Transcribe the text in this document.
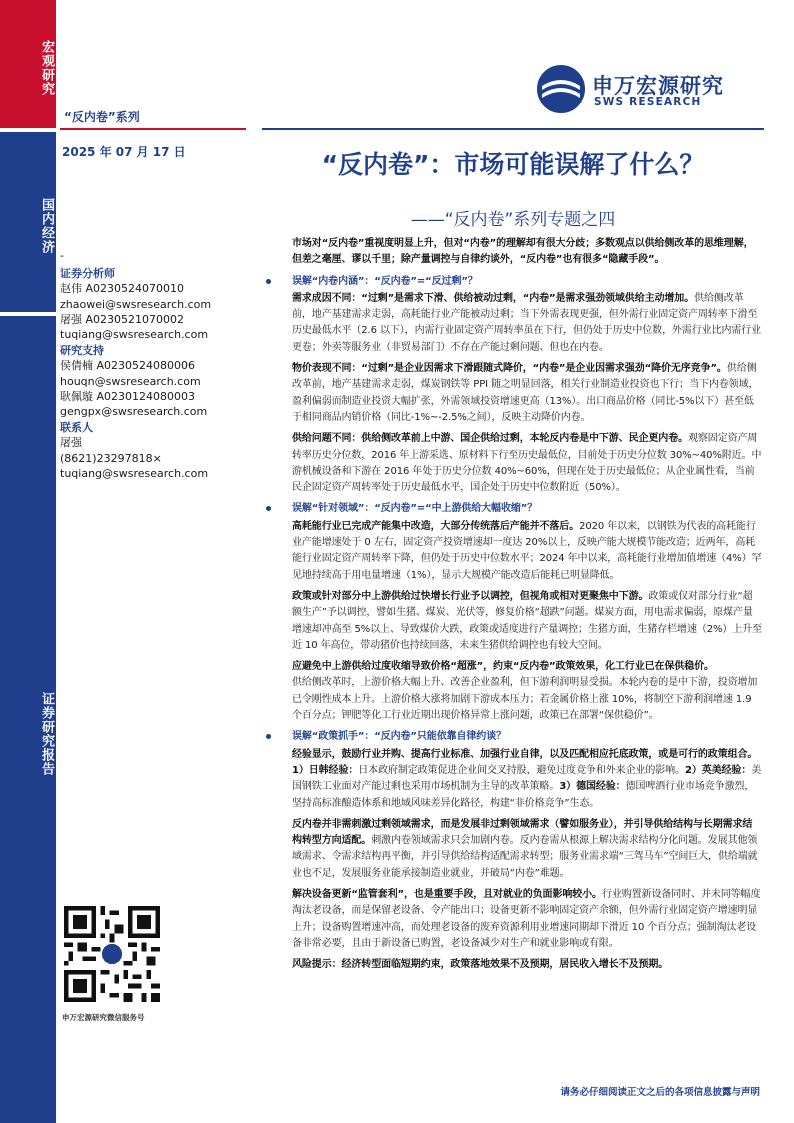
宏观研究
国内经济
证券研究报告
“反内卷”系列
2025 年 07 月 17 日
申万宏源研究
SWS RESEARCH
“反内卷”：市场可能误解了什么？
——“反内卷”系列专题之四
-
证券分析师
赵伟 A0230524070010
zhaowei@swsresearch.com
屠强 A0230521070002
tuqiang@swsresearch.com
研究支持
侯倩楠 A0230524080006
houqn@swsresearch.com
耿佩璇 A0230124080003
gengpx@swsresearch.com
联系人
屠强
(8621)23297818×
tuqiang@swsresearch.com
申万宏源研究微信服务号

市场对“反内卷”重视度明显上升，但对“内卷”的理解却有很大分歧；多数观点以供给侧改革的思维理解，但差之毫厘、谬以千里；除产量调控与自律约谈外，“反内卷”也有很多“隐藏手段”。

误解“内卷内涵”：“反内卷”=“反过剩”？

需求成因不同：“过剩”是需求下滑、供给被动过剩，“内卷”是需求强劲领域供给主动增加。供给侧改革前，地产基建需求走弱，高耗能行业产能被动过剩；当下外需表现更强，但外需行业固定资产周转率下滑至历史最低水平（2.6 以下），内需行业固定资产周转率虽在下行，但仍处于历史中位数，外需行业比内需行业更卷；外卖等服务业（非贸易部门）不存在产能过剩问题、但也在内卷。

物价表现不同：“过剩”是企业因需求下滑跟随式降价，“内卷”是企业因需求强劲“降价无序竞争”。供给侧改革前，地产基建需求走弱，煤炭钢铁等 PPI 随之明显回落，相关行业制造业投资也下行；当下内卷领域，盈利偏弱而制造业投资大幅扩张，外需领域投资增速更高（13%）。出口商品价格（同比-5%以下）甚至低于相同商品内销价格（同比-1%~-2.5%之间），反映主动降价内卷。

供给问题不同：供给侧改革前上中游、国企供给过剩，本轮反内卷是中下游、民企更内卷。观察固定资产周转率历史分位数，2016 年上游采选、原材料下行至历史最低位，目前处于历史分位数 30%~40%附近。中游机械设备和下游在 2016 年处于历史分位数 40%~60%，但现在处于历史最低位；从企业属性看，当前民企固定资产周转率处于历史最低水平，国企处于历史中位数附近（50%）。

误解“针对领域”：“反内卷”=“中上游供给大幅收缩”？

高耗能行业已完成产能集中改造，大部分传统落后产能并不落后。2020 年以来，以钢铁为代表的高耗能行业产能增速处于 0 左右，固定资产投资增速却一度达 20%以上，反映产能大规模节能改造；近两年，高耗能行业固定资产周转率下降，但仍处于历史中位数水平；2024 年中以来，高耗能行业增加值增速（4%）罕见地持续高于用电量增速（1%），显示大规模产能改造后能耗已明显降低。

政策或针对部分中上游供给过快增长行业予以调控，但视角或相对更聚焦中下游。政策或仅对部分行业“超额生产”予以调控，譬如生猪、煤炭、光伏等，修复价格“超跌”问题。煤炭方面，用电需求偏弱，原煤产量增速却冲高至 5%以上、导致煤价大跌，政策或适度进行产量调控；生猪方面，生猪存栏增速（2%）上升至近 10 年高位，带动猪价也持续回落，未来生猪供给调控也有较大空间。

应避免中上游供给过度收缩导致价格“超涨”，约束“反内卷”政策效果，化工行业已在保供稳价。
供给侧改革时，上游价格大幅上升、改善企业盈利，但下游利润明显受损。本轮内卷的是中下游，投资增加已令刚性成本上升。上游价格大涨将加剧下游成本压力；若金属价格上涨 10%，将制空下游利润增速 1.9 个百分点；钾肥等化工行业近期出现价格异常上涨问题，政策已在部署“保供稳价”。

误解“政策抓手”：“反内卷”只能依靠自律约谈？

经验显示，鼓励行业并购、提高行业标准、加强行业自律，以及匹配相应托底政策，或是可行的政策组合。1）日韩经验：日本政府制定政策促进企业间交叉持股，避免过度竞争和外来企业的影响。2）英美经验：美国钢铁工业面对产能过剩也采用市场机制为主导的改革策略。3）德国经验：德国啤酒行业市场竞争激烈，坚持高标准酿造体系和地域风味差异化路径，构建“非价格竞争”生态。

反内卷并非需刺激过剩领域需求，而是发展非过剩领域需求（譬如服务业），并引导供给结构与长期需求结构转型方向适配。刺激内卷领域需求只会加剧内卷。反内卷需从根源上解决需求结构分化问题。发展其他领域需求、令需求结构再平衡，并引导供给结构适配需求转型；服务业需求端“三驾马车”空间巨大，供给端就业也不足，发展服务业能承接制造业就业，并破局“内卷”难题。

解决设备更新“监管套利”，也是重要手段，且对就业的负面影响较小。行业购置新设备同时、并未同等幅度淘汰老设备，而是保留老设备、令产能出口；设备更新不影响固定资产余额，但外需行业固定资产增速明显上升；设备购置增速冲高，而处理老设备的废弃资源利用业增速同期却下滑近 10 个百分点；强制淘汰老设备非常必要，且由于新设备已购置，老设备减少对生产和就业影响或有限。

风险提示：经济转型面临短期约束，政策落地效果不及预期，居民收入增长不及预期。

请务必仔细阅读正文之后的各项信息披露与声明
